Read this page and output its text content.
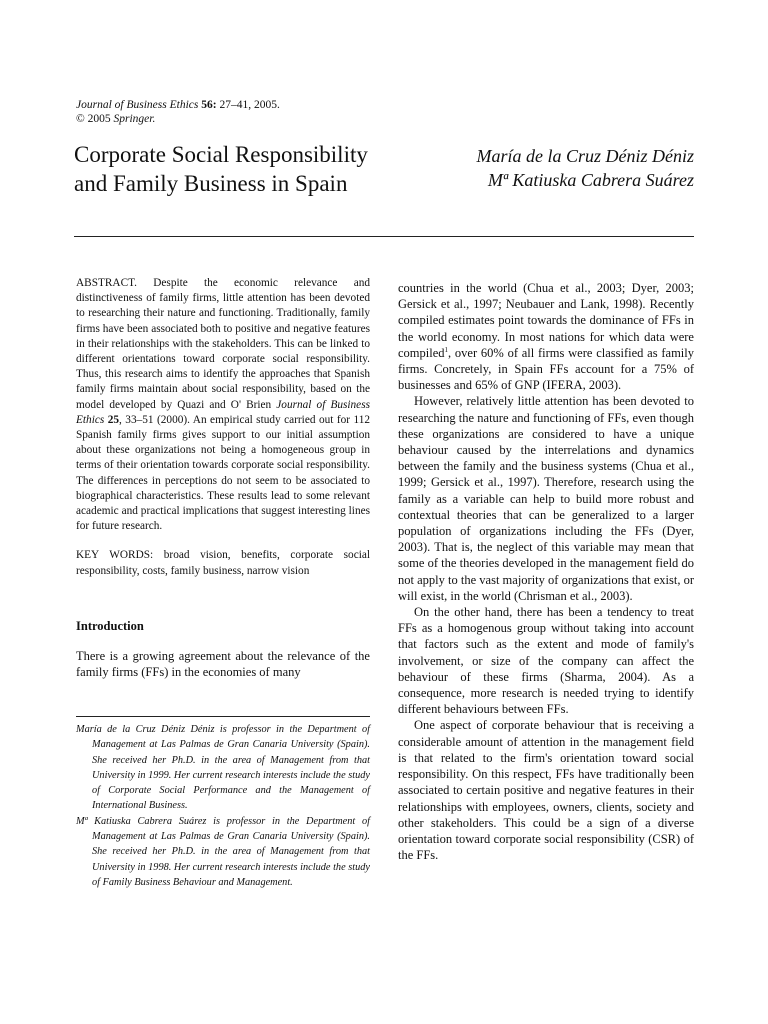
Journal of Business Ethics 56: 27–41, 2005.
© 2005 Springer.
Corporate Social Responsibility
and Family Business in Spain
María de la Cruz Déniz Déniz
Mª Katiuska Cabrera Suárez

ABSTRACT. Despite the economic relevance and distinctiveness of family firms, little attention has been devoted to researching their nature and functioning. Traditionally, family firms have been associated both to positive and negative features in their relationships with the stakeholders. This can be linked to different orientations toward corporate social responsibility. Thus, this research aims to identify the approaches that Spanish family firms maintain about social responsibility, based on the model developed by Quazi and O' Brien Journal of Business Ethics 25, 33–51 (2000). An empirical study carried out for 112 Spanish family firms gives support to our initial assumption about these organizations not being a homogeneous group in terms of their orientation towards corporate social responsibility. The differences in perceptions do not seem to be associated to biographical characteristics. These results lead to some relevant academic and practical implications that suggest interesting lines for future research.

KEY WORDS: broad vision, benefits, corporate social responsibility, costs, family business, narrow vision

Introduction

There is a growing agreement about the relevance of the family firms (FFs) in the economies of many

María de la Cruz Déniz Déniz is professor in the Department of Management at Las Palmas de Gran Canaria University (Spain). She received her Ph.D. in the area of Management from that University in 1999. Her current research interests include the study of Corporate Social Performance and the Management of International Business.

Mª Katiuska Cabrera Suárez is professor in the Department of Management at Las Palmas de Gran Canaria University (Spain). She received her Ph.D. in the area of Management from that University in 1998. Her current research interests include the study of Family Business Behaviour and Management.

countries in the world (Chua et al., 2003; Dyer, 2003; Gersick et al., 1997; Neubauer and Lank, 1998). Recently compiled estimates point towards the dominance of FFs in the world economy. In most nations for which data were compiled$^1$, over 60% of all firms were classified as family firms. Concretely, in Spain FFs account for a 75% of businesses and 65% of GNP (IFERA, 2003).

However, relatively little attention has been devoted to researching the nature and functioning of FFs, even though these organizations are considered to have a unique behaviour caused by the interrelations and dynamics between the family and the business systems (Chua et al., 1999; Gersick et al., 1997). Therefore, research using the family as a variable can help to build more robust and contextual theories that can be generalized to a larger population of organizations including the FFs (Dyer, 2003). That is, the neglect of this variable may mean that some of the theories developed in the management field do not apply to the vast majority of organizations that exist, or will exist, in the world (Chrisman et al., 2003).

On the other hand, there has been a tendency to treat FFs as a homogenous group without taking into account that factors such as the extent and mode of family's involvement, or size of the company can affect the behaviour of these firms (Sharma, 2004). As a consequence, more research is needed trying to identify different behaviours between FFs.

One aspect of corporate behaviour that is receiving a considerable amount of attention in the management field is that related to the firm's orientation toward social responsibility. On this respect, FFs have traditionally been associated to certain positive and negative features in their relationships with employees, owners, clients, society and other stakeholders. This could be a sign of a diverse orientation toward corporate social responsibility (CSR) of the FFs.
